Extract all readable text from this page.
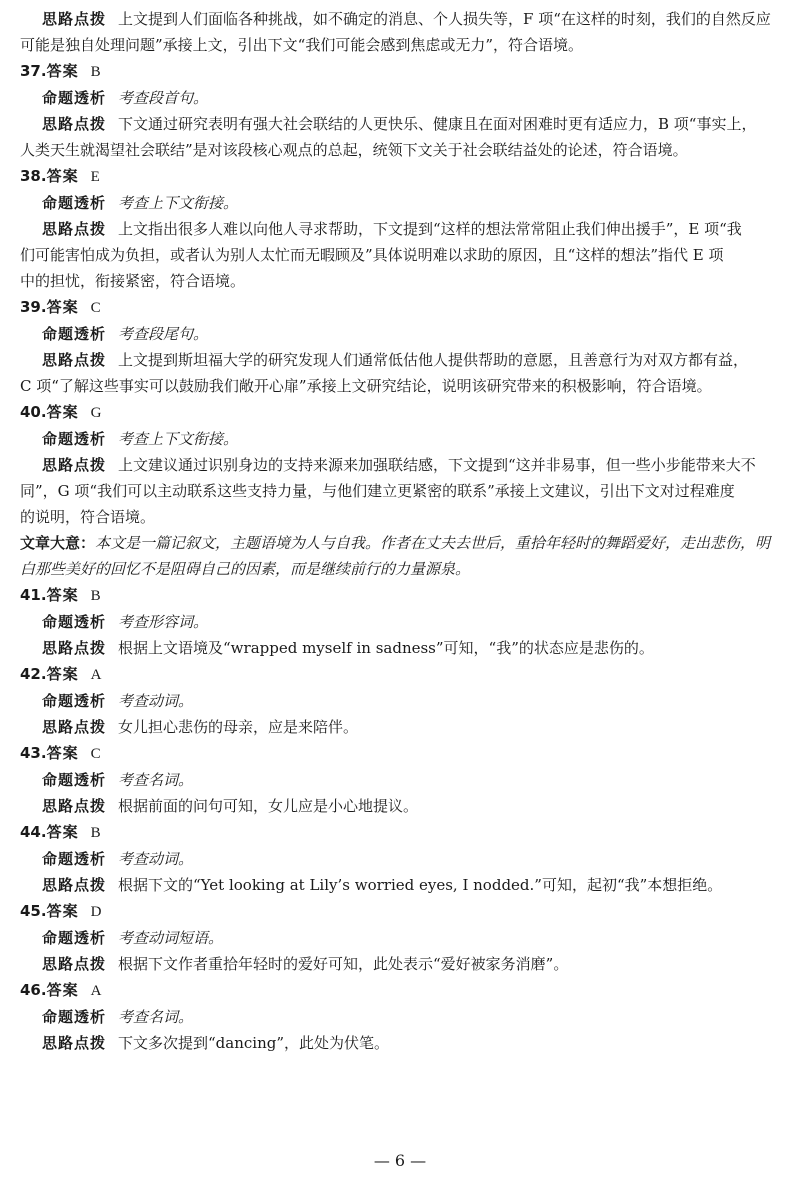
思路点拨 上文提到人们面临各种挑战，如不确定的消息、个人损失等，F 项“在这样的时刻，我们的自然反应
可能是独自处理问题”承接上文，引出下文“我们可能会感到焦虑或无力”，符合语境。
37.答案 B
命题透析 考查段首句。
思路点拨 下文通过研究表明有强大社会联结的人更快乐、健康且在面对困难时更有适应力，B 项“事实上，
人类天生就渴望社会联结”是对该段核心观点的总起，统领下文关于社会联结益处的论述，符合语境。
38.答案 E
命题透析 考查上下文衔接。
思路点拨 上文指出很多人难以向他人寻求帮助，下文提到“这样的想法常常阻止我们伸出援手”，E 项“我
们可能害怕成为负担，或者认为别人太忙而无暇顾及”具体说明难以求助的原因，且“这样的想法”指代 E 项
中的担忧，衔接紧密，符合语境。
39.答案 C
命题透析 考查段尾句。
思路点拨 上文提到斯坦福大学的研究发现人们通常低估他人提供帮助的意愿，且善意行为对双方都有益，
C 项“了解这些事实可以鼓励我们敞开心扉”承接上文研究结论，说明该研究带来的积极影响，符合语境。
40.答案 G
命题透析 考查上下文衔接。
思路点拨 上文建议通过识别身边的支持来源来加强联结感，下文提到“这并非易事，但一些小步能带来大不
同”，G 项“我们可以主动联系这些支持力量，与他们建立更紧密的联系”承接上文建议，引出下文对过程难度
的说明，符合语境。
文章大意：本文是一篇记叙文，主题语境为人与自我。作者在丈夫去世后，重拾年轻时的舞蹈爱好，走出悲伤，明
白那些美好的回忆不是阻碍自己的因素，而是继续前行的力量源泉。
41.答案 B
命题透析 考查形容词。
思路点拨 根据上文语境及“wrapped myself in sadness”可知，“我”的状态应是悲伤的。
42.答案 A
命题透析 考查动词。
思路点拨 女儿担心悲伤的母亲，应是来陪伴。
43.答案 C
命题透析 考查名词。
思路点拨 根据前面的问句可知，女儿应是小心地提议。
44.答案 B
命题透析 考查动词。
思路点拨 根据下文的“Yet looking at Lily’s worried eyes, I nodded.”可知，起初“我”本想拒绝。
45.答案 D
命题透析 考查动词短语。
思路点拨 根据下文作者重拾年轻时的爱好可知，此处表示“爱好被家务消磨”。
46.答案 A
命题透析 考查名词。
思路点拨 下文多次提到“dancing”，此处为伏笔。
— 6 —
